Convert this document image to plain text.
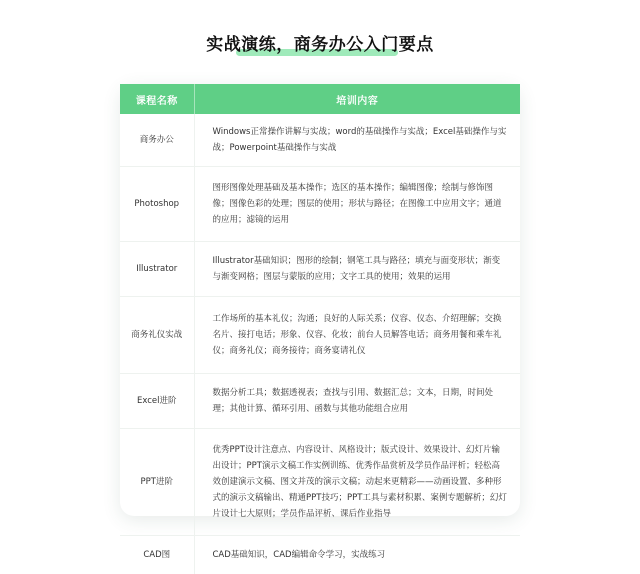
实战演练，商务办公入门要点
课程名称	培训内容
商务办公	Windows正常操作讲解与实战；word的基础操作与实战；Excel基础操作与实战；Powerpoint基础操作与实战
Photoshop	图形图像处理基础及基本操作；选区的基本操作；编辑图像；绘制与修饰图像；图像色彩的处理；图层的使用；形状与路径；在图像工中应用文字；通道的应用；滤镜的运用
Illustrator	Illustrator基础知识；图形的绘制；钢笔工具与路径；填充与面变形状；渐变与渐变网格；图层与蒙版的应用；文字工具的使用；效果的运用
商务礼仪实战	工作场所的基本礼仪；沟通；良好的人际关系；仪容、仪态、介绍理解；交换名片、接打电话；形象、仪容、化妆；前台人员解答电话；商务用餐和乘车礼仪；商务礼仪；商务接待；商务宴请礼仪
Excel进阶	数据分析工具；数据透视表；查找与引用、数据汇总；文本，日期，时间处理；其他计算、循环引用、函数与其他功能组合应用
PPT进阶	优秀PPT设计注意点、内容设计、风格设计；版式设计、效果设计、幻灯片输出设计；PPT演示文稿工作实例训练、优秀作品赏析及学员作品评析；轻松高效创建演示文稿、图文并茂的演示文稿；动起来更精彩——动画设置、多种形式的演示文稿输出、精通PPT技巧；PPT工具与素材积累、案例专题解析；幻灯片设计七大原则；学员作品评析、课后作业指导
CAD图	CAD基础知识，CAD编辑命令学习，实战练习
